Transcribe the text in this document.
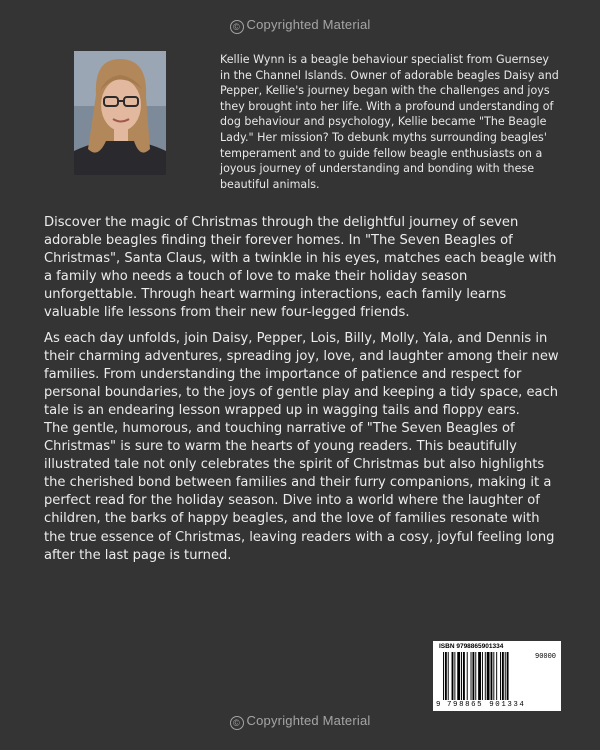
© Copyrighted Material
Kellie Wynn is a beagle behaviour specialist from Guernsey in the Channel Islands. Owner of adorable beagles Daisy and Pepper, Kellie's journey began with the challenges and joys they brought into her life. With a profound understanding of dog behaviour and psychology, Kellie became "The Beagle Lady." Her mission? To debunk myths surrounding beagles' temperament and to guide fellow beagle enthusiasts on a joyous journey of understanding and bonding with these beautiful animals.

Discover the magic of Christmas through the delightful journey of seven adorable beagles finding their forever homes. In "The Seven Beagles of Christmas", Santa Claus, with a twinkle in his eyes, matches each beagle with a family who needs a touch of love to make their holiday season unforgettable. Through heart warming interactions, each family learns valuable life lessons from their new four-legged friends.

As each day unfolds, join Daisy, Pepper, Lois, Billy, Molly, Yala, and Dennis in their charming adventures, spreading joy, love, and laughter among their new families. From understanding the importance of patience and respect for personal boundaries, to the joys of gentle play and keeping a tidy space, each tale is an endearing lesson wrapped up in wagging tails and floppy ears.

The gentle, humorous, and touching narrative of "The Seven Beagles of Christmas" is sure to warm the hearts of young readers. This beautifully illustrated tale not only celebrates the spirit of Christmas but also highlights the cherished bond between families and their furry companions, making it a perfect read for the holiday season. Dive into a world where the laughter of children, the barks of happy beagles, and the love of families resonate with the true essence of Christmas, leaving readers with a cosy, joyful feeling long after the last page is turned.

ISBN 9798865901334
90000
9 798865 901334
© Copyrighted Material
